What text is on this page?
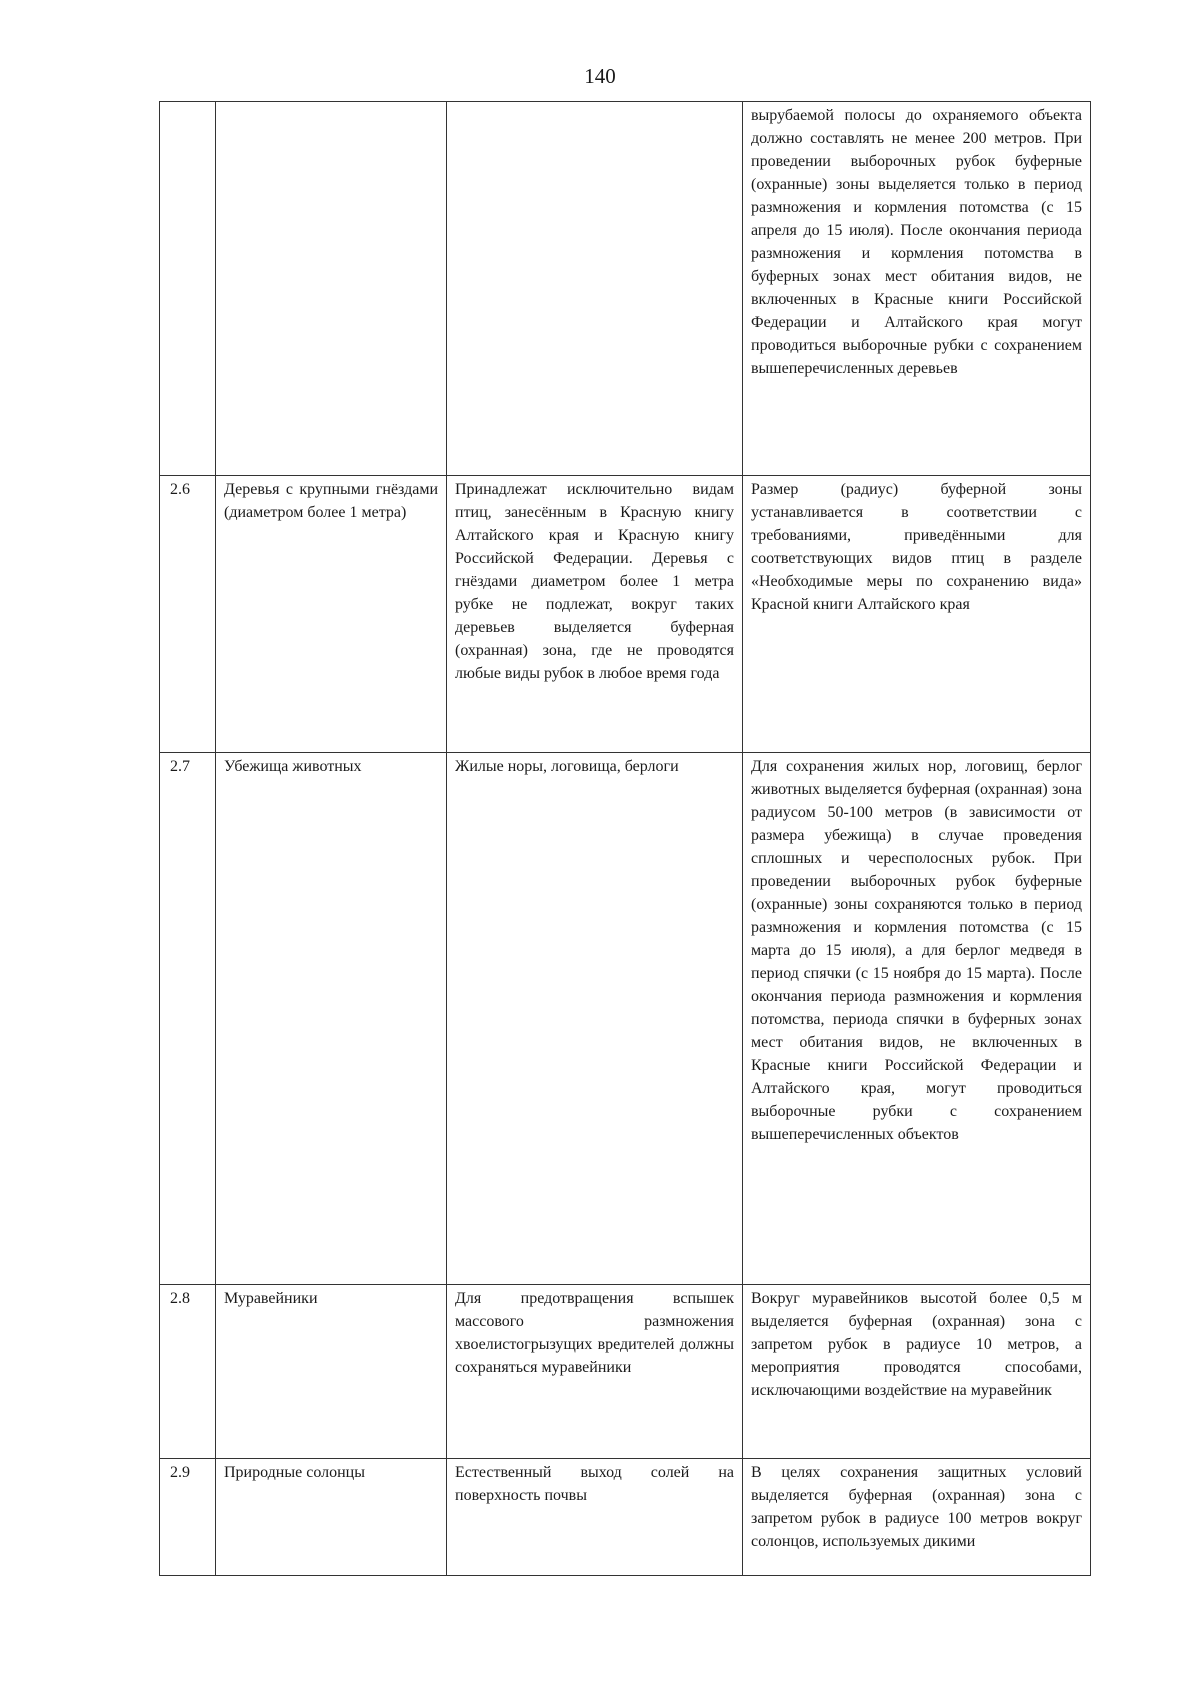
140
			вырубаемой полосы до охраняемого объекта должно составлять не менее 200 метров. При проведении выборочных рубок буферные (охранные) зоны выделяется только в период размножения и кормления потомства (с 15 апреля до 15 июля). После окончания периода размножения и кормления потомства в буферных зонах мест обитания видов, не включенных в Красные книги Российской Федерации и Алтайского края могут проводиться выборочные рубки с сохранением вышеперечисленных деревьев
2.6	Деревья с крупными гнёздами (диаметром более 1 метра)	Принадлежат исключительно видам птиц, занесённым в Красную книгу Алтайского края и Красную книгу Российской Федерации. Деревья с гнёздами диаметром более 1 метра рубке не подлежат, вокруг таких деревьев выделяется буферная (охранная) зона, где не проводятся любые виды рубок в любое время года	Размер (радиус) буферной зоны устанавливается в соответствии с требованиями, приведёнными для соответствующих видов птиц в разделе «Необходимые меры по сохранению вида» Красной книги Алтайского края
2.7	Убежища животных	Жилые норы, логовища, берлоги	Для сохранения жилых нор, логовищ, берлог животных выделяется буферная (охранная) зона радиусом 50-100 метров (в зависимости от размера убежища) в случае проведения сплошных и чересполосных рубок. При проведении выборочных рубок буферные (охранные) зоны сохраняются только в период размножения и кормления потомства (с 15 марта до 15 июля), а для берлог медведя в период спячки (с 15 ноября до 15 марта). После окончания периода размножения и кормления потомства, периода спячки в буферных зонах мест обитания видов, не включенных в Красные книги Российской Федерации и Алтайского края, могут проводиться выборочные рубки с сохранением вышеперечисленных объектов
2.8	Муравейники	Для предотвращения вспышек массового размножения хвоелистогрызущих вредителей должны сохраняться муравейники	Вокруг муравейников высотой более 0,5 м выделяется буферная (охранная) зона с запретом рубок в радиусе 10 метров, а мероприятия проводятся способами, исключающими воздействие на муравейник
2.9	Природные солонцы	Естественный выход солей на поверхность почвы	В целях сохранения защитных условий выделяется буферная (охранная) зона с запретом рубок в радиусе 100 метров вокруг солонцов, используемых дикими
